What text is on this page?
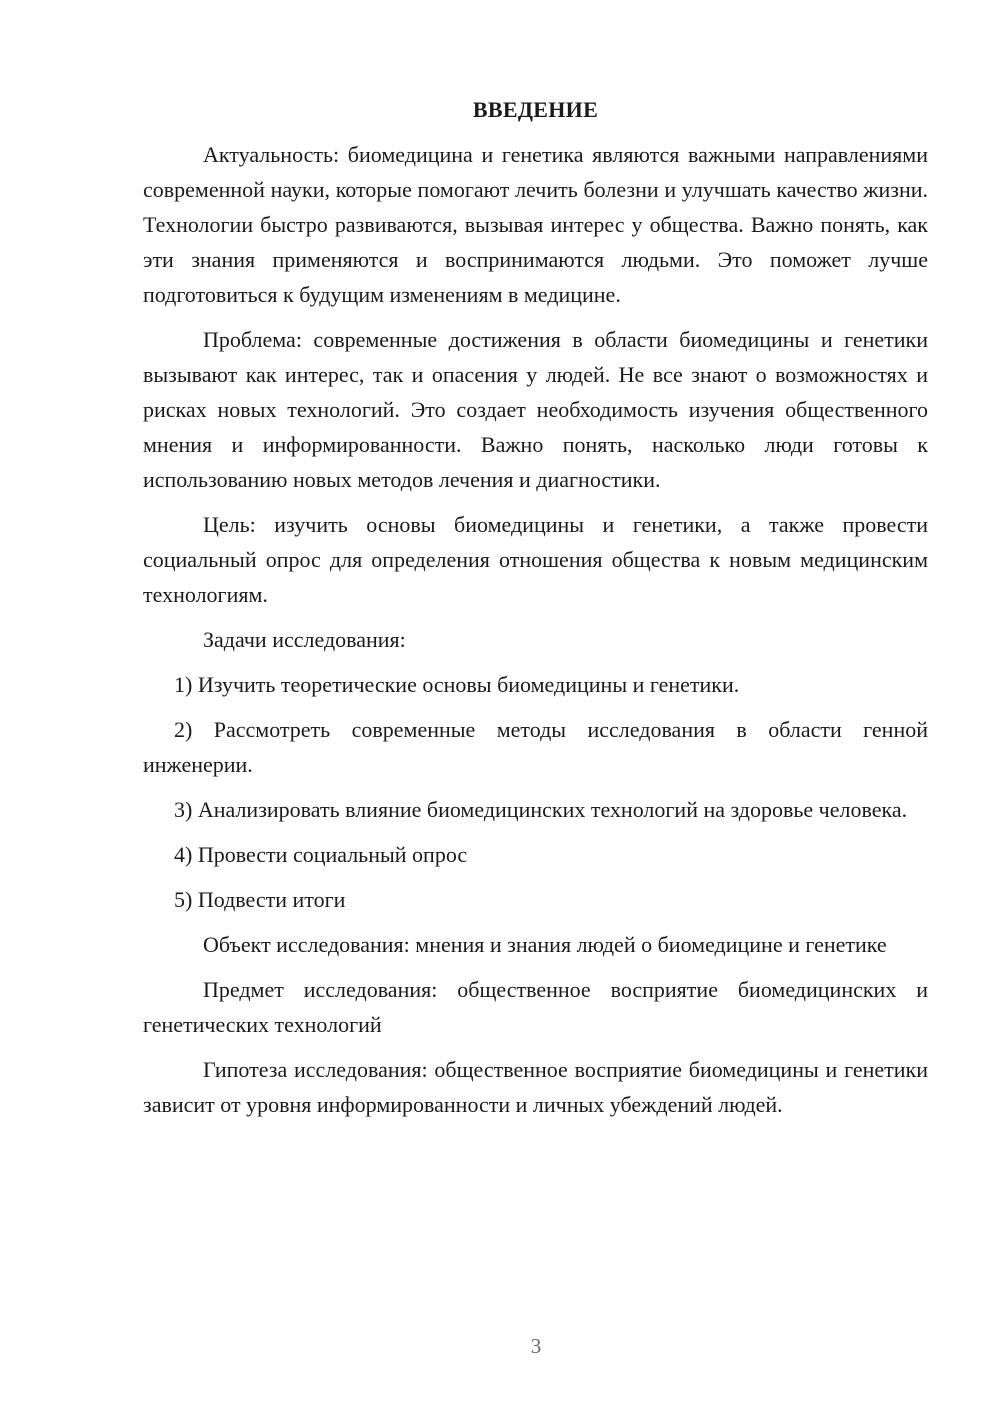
ВВЕДЕНИЕ

Актуальность: биомедицина и генетика являются важными направлениями современной науки, которые помогают лечить болезни и улучшать качество жизни. Технологии быстро развиваются, вызывая интерес у общества. Важно понять, как эти знания применяются и воспринимаются людьми. Это поможет лучше подготовиться к будущим изменениям в медицине.

Проблема: современные достижения в области биомедицины и генетики вызывают как интерес, так и опасения у людей. Не все знают о возможностях и рисках новых технологий. Это создает необходимость изучения общественного мнения и информированности. Важно понять, насколько люди готовы к использованию новых методов лечения и диагностики.

Цель: изучить основы биомедицины и генетики, а также провести социальный опрос для определения отношения общества к новым медицинским технологиям.

Задачи исследования:

1) Изучить теоретические основы биомедицины и генетики.

2) Рассмотреть современные методы исследования в области генной инженерии.

3) Анализировать влияние биомедицинских технологий на здоровье человека.

4) Провести социальный опрос

5) Подвести итоги

Объект исследования: мнения и знания людей о биомедицине и генетике

Предмет исследования: общественное восприятие биомедицинских и генетических технологий

Гипотеза исследования: общественное восприятие биомедицины и генетики зависит от уровня информированности и личных убеждений людей.

3
